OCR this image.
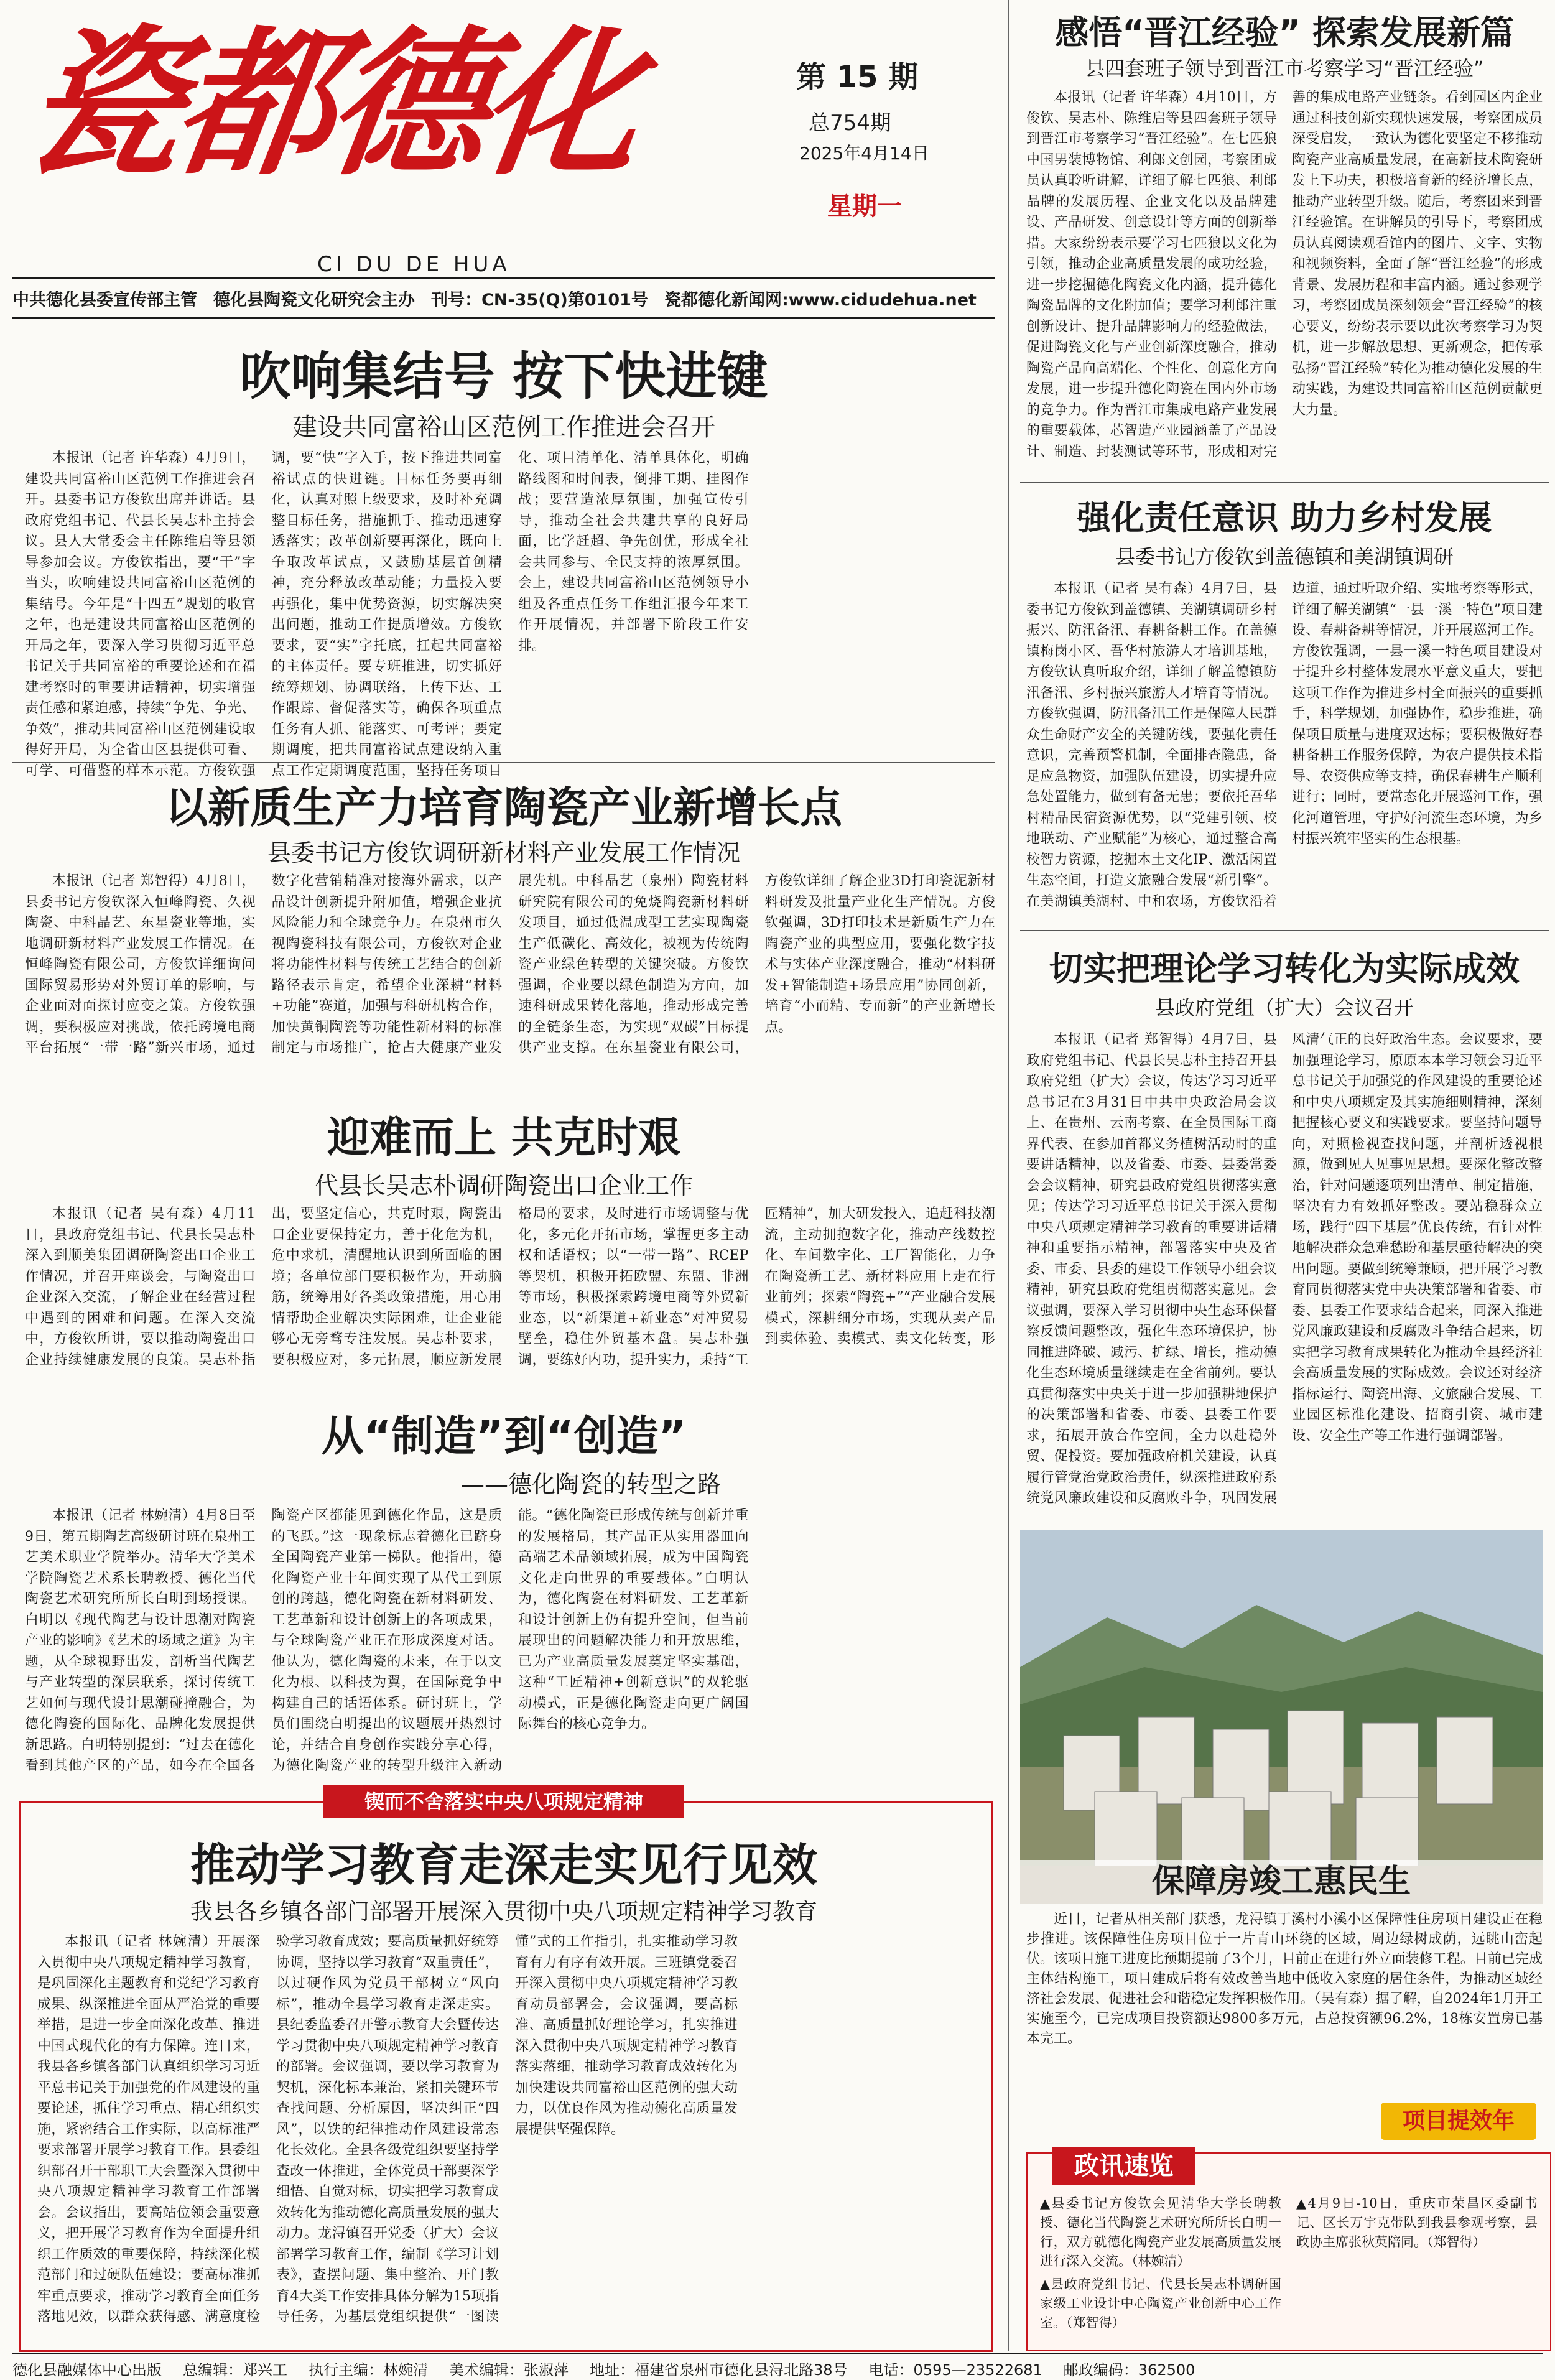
瓷都德化
CI DU DE HUA
第 15 期
总754期
2025年4月14日
星期一
中共德化县委宣传部主管 德化县陶瓷文化研究会主办 刊号：CN-35(Q)第0101号 瓷都德化新闻网:www.cidudehua.net
吹响集结号 按下快进键
建设共同富裕山区范例工作推进会召开

本报讯（记者 许华森）4月9日，建设共同富裕山区范例工作推进会召开。县委书记方俊钦出席并讲话。县政府党组书记、代县长吴志朴主持会议。县人大常委会主任陈维启等县领导参加会议。方俊钦指出，要“干”字当头，吹响建设共同富裕山区范例的集结号。今年是“十四五”规划的收官之年，也是建设共同富裕山区范例的开局之年，要深入学习贯彻习近平总书记关于共同富裕的重要论述和在福建考察时的重要讲话精神，切实增强责任感和紧迫感，持续“争先、争光、争效”，推动共同富裕山区范例建设取得好开局，为全省山区县提供可看、可学、可借鉴的样本示范。方俊钦强调，要“快”字入手，按下推进共同富裕试点的快进键。目标任务要再细化，认真对照上级要求，及时补充调整目标任务，措施抓手、推动迅速穿透落实；改革创新要再深化，既向上争取改革试点，又鼓励基层首创精神，充分释放改革动能；力量投入要再强化，集中优势资源，切实解决突出问题，推动工作提质增效。方俊钦要求，要“实”字托底，扛起共同富裕的主体责任。要专班推进，切实抓好统筹规划、协调联络，上传下达、工作跟踪、督促落实等，确保各项重点任务有人抓、能落实、可考评；要定期调度，把共同富裕试点建设纳入重点工作定期调度范围，坚持任务项目化、项目清单化、清单具体化，明确路线图和时间表，倒排工期、挂图作战；要营造浓厚氛围，加强宣传引导，推动全社会共建共享的良好局面，比学赶超、争先创优，形成全社会共同参与、全民支持的浓厚氛围。会上，建设共同富裕山区范例领导小组及各重点任务工作组汇报今年来工作开展情况，并部署下阶段工作安排。

以新质生产力培育陶瓷产业新增长点
县委书记方俊钦调研新材料产业发展工作情况

本报讯（记者 郑智得）4月8日，县委书记方俊钦深入恒峰陶瓷、久视陶瓷、中科晶艺、东星瓷业等地，实地调研新材料产业发展工作情况。在恒峰陶瓷有限公司，方俊钦详细询问国际贸易形势对外贸订单的影响，与企业面对面探讨应变之策。方俊钦强调，要积极应对挑战，依托跨境电商平台拓展“一带一路”新兴市场，通过数字化营销精准对接海外需求，以产品设计创新提升附加值，增强企业抗风险能力和全球竞争力。在泉州市久视陶瓷科技有限公司，方俊钦对企业将功能性材料与传统工艺结合的创新路径表示肯定，希望企业深耕“材料+功能”赛道，加强与科研机构合作，加快黄铜陶瓷等功能性新材料的标准制定与市场推广，抢占大健康产业发展先机。中科晶艺（泉州）陶瓷材料研究院有限公司的免烧陶瓷新材料研发项目，通过低温成型工艺实现陶瓷生产低碳化、高效化，被视为传统陶瓷产业绿色转型的关键突破。方俊钦强调，企业要以绿色制造为方向，加速科研成果转化落地，推动形成完善的全链条生态，为实现“双碳”目标提供产业支撑。在东星瓷业有限公司，方俊钦详细了解企业3D打印瓷泥新材料研发及批量产业化生产情况。方俊钦强调，3D打印技术是新质生产力在陶瓷产业的典型应用，要强化数字技术与实体产业深度融合，推动“材料研发+智能制造+场景应用”协同创新，培育“小而精、专而新”的产业新增长点。

迎难而上 共克时艰
代县长吴志朴调研陶瓷出口企业工作

本报讯（记者 吴有森）4月11日，县政府党组书记、代县长吴志朴深入到顺美集团调研陶瓷出口企业工作情况，并召开座谈会，与陶瓷出口企业深入交流，了解企业在经营过程中遇到的困难和问题。在深入交流中，方俊钦所讲，要以推动陶瓷出口企业持续健康发展的良策。吴志朴指出，要坚定信心，共克时艰，陶瓷出口企业要保持定力，善于化危为机，危中求机，清醒地认识到所面临的困境；各单位部门要积极作为，开动脑筋，统筹用好各类政策措施，用心用情帮助企业解决实际困难，让企业能够心无旁骛专注发展。吴志朴要求，要积极应对，多元拓展，顺应新发展格局的要求，及时进行市场调整与优化，多元化开拓市场，掌握更多主动权和话语权；以“一带一路”、RCEP等契机，积极开拓欧盟、东盟、非洲等市场，积极探索跨境电商等外贸新业态，以“新渠道+新业态”对冲贸易壁垒，稳住外贸基本盘。吴志朴强调，要练好内功，提升实力，秉持“工匠精神”，加大研发投入，追赶科技潮流，主动拥抱数字化，推动产线数控化、车间数字化、工厂智能化，力争在陶瓷新工艺、新材料应用上走在行业前列；探索“陶瓷+”“产业融合发展模式，深耕细分市场，实现从卖产品到卖体验、卖模式、卖文化转变，形

从“制造”到“创造”
——德化陶瓷的转型之路

本报讯（记者 林婉清）4月8日至9日，第五期陶艺高级研讨班在泉州工艺美术职业学院举办。清华大学美术学院陶瓷艺术系长聘教授、德化当代陶瓷艺术研究所所长白明到场授课。白明以《现代陶艺与设计思潮对陶瓷产业的影响》《艺术的场域之道》为主题，从全球视野出发，剖析当代陶艺与产业转型的深层联系，探讨传统工艺如何与现代设计思潮碰撞融合，为德化陶瓷的国际化、品牌化发展提供新思路。白明特别提到：“过去在德化看到其他产区的产品，如今在全国各陶瓷产区都能见到德化作品，这是质的飞跃。”这一现象标志着德化已跻身全国陶瓷产业第一梯队。他指出，德化陶瓷产业十年间实现了从代工到原创的跨越，德化陶瓷在新材料研发、工艺革新和设计创新上的各项成果，与全球陶瓷产业正在形成深度对话。他认为，德化陶瓷的未来，在于以文化为根、以科技为翼，在国际竞争中构建自己的话语体系。研讨班上，学员们围绕白明提出的议题展开热烈讨论，并结合自身创作实践分享心得，为德化陶瓷产业的转型升级注入新动能。“德化陶瓷已形成传统与创新并重的发展格局，其产品正从实用器皿向高端艺术品领域拓展，成为中国陶瓷文化走向世界的重要载体。”白明认为，德化陶瓷在材料研发、工艺革新和设计创新上仍有提升空间，但当前展现出的问题解决能力和开放思维，已为产业高质量发展奠定坚实基础，这种“工匠精神+创新意识”的双轮驱动模式，正是德化陶瓷走向更广阔国际舞台的核心竞争力。

锲而不舍落实中央八项规定精神
推动学习教育走深走实见行见效
我县各乡镇各部门部署开展深入贯彻中央八项规定精神学习教育

本报讯（记者 林婉清）开展深入贯彻中央八项规定精神学习教育，是巩固深化主题教育和党纪学习教育成果、纵深推进全面从严治党的重要举措，是进一步全面深化改革、推进中国式现代化的有力保障。连日来，我县各乡镇各部门认真组织学习习近平总书记关于加强党的作风建设的重要论述，抓住学习重点、精心组织实施，紧密结合工作实际，以高标准严要求部署开展学习教育工作。县委组织部召开干部职工大会暨深入贯彻中央八项规定精神学习教育工作部署会。会议指出，要高站位领会重要意义，把开展学习教育作为全面提升组织工作质效的重要保障，持续深化模范部门和过硬队伍建设；要高标准抓牢重点要求，推动学习教育全面任务落地见效，以群众获得感、满意度检验学习教育成效；要高质量抓好统筹协调，坚持以学习教育“双重责任”，以过硬作风为党员干部树立“风向标”，推动全县学习教育走深走实。县纪委监委召开警示教育大会暨传达学习贯彻中央八项规定精神学习教育的部署。会议强调，要以学习教育为契机，深化标本兼治，紧扣关键环节查找问题、分析原因，坚决纠正“四风”，以铁的纪律推动作风建设常态化长效化。全县各级党组织要坚持学查改一体推进，全体党员干部要深学细悟、自觉对标，切实把学习教育成效转化为推动德化高质量发展的强大动力。龙浔镇召开党委（扩大）会议部署学习教育工作，编制《学习计划表》，查摆问题、集中整治、开门教育4大类工作安排具体分解为15项指导任务，为基层党组织提供“一图读懂”式的工作指引，扎实推动学习教育有力有序有效开展。三班镇党委召开深入贯彻中央八项规定精神学习教育动员部署会，会议强调，要高标准、高质量抓好理论学习，扎实推进深入贯彻中央八项规定精神学习教育落实落细，推动学习教育成效转化为加快建设共同富裕山区范例的强大动力，以优良作风为推动德化高质量发展提供坚强保障。

感悟“晋江经验” 探索发展新篇
县四套班子领导到晋江市考察学习“晋江经验”

本报讯（记者 许华森）4月10日，方俊钦、吴志朴、陈维启等县四套班子领导到晋江市考察学习“晋江经验”。在七匹狼中国男装博物馆、利郎文创园，考察团成员认真聆听讲解，详细了解七匹狼、利郎品牌的发展历程、企业文化以及品牌建设、产品研发、创意设计等方面的创新举措。大家纷纷表示要学习七匹狼以文化为引领，推动企业高质量发展的成功经验，进一步挖掘德化陶瓷文化内涵，提升德化陶瓷品牌的文化附加值；要学习利郎注重创新设计、提升品牌影响力的经验做法，促进陶瓷文化与产业创新深度融合，推动陶瓷产品向高端化、个性化、创意化方向发展，进一步提升德化陶瓷在国内外市场的竞争力。作为晋江市集成电路产业发展的重要载体，芯智造产业园涵盖了产品设计、制造、封装测试等环节，形成相对完善的集成电路产业链条。看到园区内企业通过科技创新实现快速发展，考察团成员深受启发，一致认为德化要坚定不移推动陶瓷产业高质量发展，在高新技术陶瓷研发上下功夫，积极培育新的经济增长点，推动产业转型升级。随后，考察团来到晋江经验馆。在讲解员的引导下，考察团成员认真阅读观看馆内的图片、文字、实物和视频资料，全面了解“晋江经验”的形成背景、发展历程和丰富内涵。通过参观学习，考察团成员深刻领会“晋江经验”的核心要义，纷纷表示要以此次考察学习为契机，进一步解放思想、更新观念，把传承弘扬“晋江经验”转化为推动德化发展的生动实践，为建设共同富裕山区范例贡献更大力量。

强化责任意识 助力乡村发展
县委书记方俊钦到盖德镇和美湖镇调研

本报讯（记者 吴有森）4月7日，县委书记方俊钦到盖德镇、美湖镇调研乡村振兴、防汛备汛、春耕备耕工作。在盖德镇梅岗小区、吾华村旅游人才培训基地，方俊钦认真听取介绍，详细了解盖德镇防汛备汛、乡村振兴旅游人才培育等情况。方俊钦强调，防汛备汛工作是保障人民群众生命财产安全的关键防线，要强化责任意识，完善预警机制，全面排查隐患，备足应急物资，加强队伍建设，切实提升应急处置能力，做到有备无患；要依托吾华村精品民宿资源优势，以“党建引领、校地联动、产业赋能”为核心，通过整合高校智力资源，挖掘本土文化IP、激活闲置生态空间，打造文旅融合发展“新引擎”。在美湖镇美湖村、中和农场，方俊钦沿着边道，通过听取介绍、实地考察等形式，详细了解美湖镇“一县一溪一特色”项目建设、春耕备耕等情况，并开展巡河工作。方俊钦强调，一县一溪一特色项目建设对于提升乡村整体发展水平意义重大，要把这项工作作为推进乡村全面振兴的重要抓手，科学规划，加强协作，稳步推进，确保项目质量与进度双达标；要积极做好春耕备耕工作服务保障，为农户提供技术指导、农资供应等支持，确保春耕生产顺利进行；同时，要常态化开展巡河工作，强化河道管理，守护好河流生态环境，为乡村振兴筑牢坚实的生态根基。

切实把理论学习转化为实际成效
县政府党组（扩大）会议召开

本报讯（记者 郑智得）4月7日，县政府党组书记、代县长吴志朴主持召开县政府党组（扩大）会议，传达学习习近平总书记在3月31日中共中央政治局会议上、在贵州、云南考察、在全员国际工商界代表、在参加首都义务植树活动时的重要讲话精神，以及省委、市委、县委常委会会议精神，研究县政府党组贯彻落实意见；传达学习习近平总书记关于深入贯彻中央八项规定精神学习教育的重要讲话精神和重要指示精神，部署落实中央及省委、市委、县委的建设工作领导小组会议精神，研究县政府党组贯彻落实意见。会议强调，要深入学习贯彻中央生态环保督察反馈问题整改，强化生态环境保护，协同推进降碳、减污、扩绿、增长，推动德化生态环境质量继续走在全省前列。要认真贯彻落实中央关于进一步加强耕地保护的决策部署和省委、市委、县委工作要求，拓展开放合作空间，全力以赴稳外贸、促投资。要加强政府机关建设，认真履行管党治党政治责任，纵深推进政府系统党风廉政建设和反腐败斗争，巩固发展风清气正的良好政治生态。会议要求，要加强理论学习，原原本本学习领会习近平总书记关于加强党的作风建设的重要论述和中央八项规定及其实施细则精神，深刻把握核心要义和实践要求。要坚持问题导向，对照检视查找问题，并剖析透视根源，做到见人见事见思想。要深化整改整治，针对问题逐项列出清单、制定措施，坚决有力有效抓好整改。要站稳群众立场，践行“四下基层”优良传统，有针对性地解决群众急难愁盼和基层亟待解决的突出问题。要做到统筹兼顾，把开展学习教育同贯彻落实党中央决策部署和省委、市委、县委工作要求结合起来，同深入推进党风廉政建设和反腐败斗争结合起来，切实把学习教育成果转化为推动全县经济社会高质量发展的实际成效。会议还对经济指标运行、陶瓷出海、文旅融合发展、工业园区标准化建设、招商引资、城市建设、安全生产等工作进行强调部署。

保障房竣工惠民生

近日，记者从相关部门获悉，龙浔镇丁溪村小溪小区保障性住房项目建设正在稳步推进。该保障性住房项目位于一片青山环绕的区域，周边绿树成荫，远眺山峦起伏。该项目施工进度比预期提前了3个月，目前正在进行外立面装修工程。目前已完成主体结构施工，项目建成后将有效改善当地中低收入家庭的居住条件，为推动区域经济社会发展、促进社会和谐稳定发挥积极作用。（吴有森）据了解，自2024年1月开工实施至今，已完成项目投资额达9800多万元，占总投资额96.2%，18栋安置房已基本完工。

项目提效年
政讯速览

▲县委书记方俊钦会见清华大学长聘教授、德化当代陶瓷艺术研究所所长白明一行，双方就德化陶瓷产业发展高质量发展进行深入交流。（林婉清）

▲县政府党组书记、代县长吴志朴调研国家级工业设计中心陶瓷产业创新中心工作室。（郑智得）

▲4月9日-10日，重庆市荣昌区委副书记、区长万宇克带队到我县参观考察，县政协主席张秋英陪同。（郑智得）

德化县融媒体中心出版 总编辑：郑兴工 执行主编：林婉清 美术编辑：张淑萍 地址：福建省泉州市德化县浔北路38号 电话：0595—23522681 邮政编码：362500
